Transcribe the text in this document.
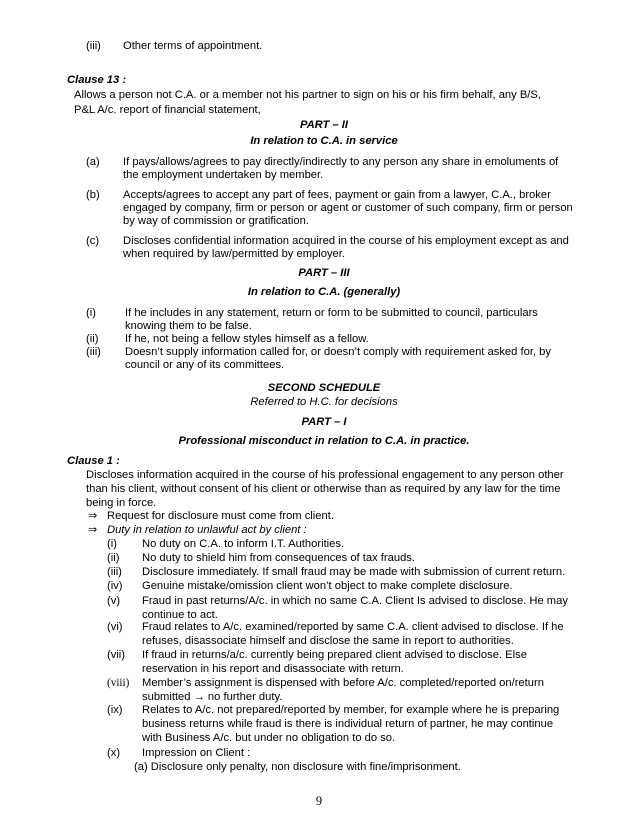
(iii) Other terms of appointment.
Clause 13 :
Allows a person not C.A. or a member not his partner to sign on his or his firm behalf, any B/S,
P&L A/c. report of financial statement,
PART – II
In relation to C.A. in service
(a) If pays/allows/agrees to pay directly/indirectly to any person any share in emoluments of
the employment undertaken by member.
(b) Accepts/agrees to accept any part of fees, payment or gain from a lawyer, C.A., broker
engaged by company, firm or person or agent or customer of such company, firm or person
by way of commission or gratification.
(c) Discloses confidential information acquired in the course of his employment except as and
when required by law/permitted by employer.
PART – III
In relation to C.A. (generally)
(i)	If he includes in any statement, return or form to be submitted to council, particulars
knowing them to be false.
(ii) If he, not being a fellow styles himself as a fellow.
(iii) Doesn’t supply information called for, or doesn’t comply with requirement asked for, by
council or any of its committees.
SECOND SCHEDULE
Referred to H.C. for decisions
PART – I
Professional misconduct in relation to C.A. in practice.
Clause 1 :
Discloses information acquired in the course of his professional engagement to any person other
than his client, without consent of his client or otherwise than as required by any law for the time
being in force.
⇒ Request for disclosure must come from client.
⇒ Duty in relation to unlawful act by client :
(i) No duty on C.A. to inform I.T. Authorities.
(ii) No duty to shield him from consequences of tax frauds.
(iii) Disclosure immediately. If small fraud may be made with submission of current return.
(iv) Genuine mistake/omission client won’t object to make complete disclosure.
(v) Fraud in past returns/A/c. in which no same C.A. Client Is advised to disclose. He may
continue to act.
(vi) Fraud relates to A/c. examined/reported by same C.A. client advised to disclose. If he
refuses, disassociate himself and disclose the same in report to authorities.
(vii) If fraud in returns/a/c. currently being prepared client advised to disclose. Else
reservation in his report and disassociate with return.
(viii) Member’s assignment is dispensed with before A/c. completed/reported on/return
submitted → no further duty.
(ix) Relates to A/c. not prepared/reported by member, for example where he is preparing
business returns while fraud is there is individual return of partner, he may continue
with Business A/c. but under no obligation to do so.
(x) Impression on Client :
(a) Disclosure only penalty, non disclosure with fine/imprisonment.
9
